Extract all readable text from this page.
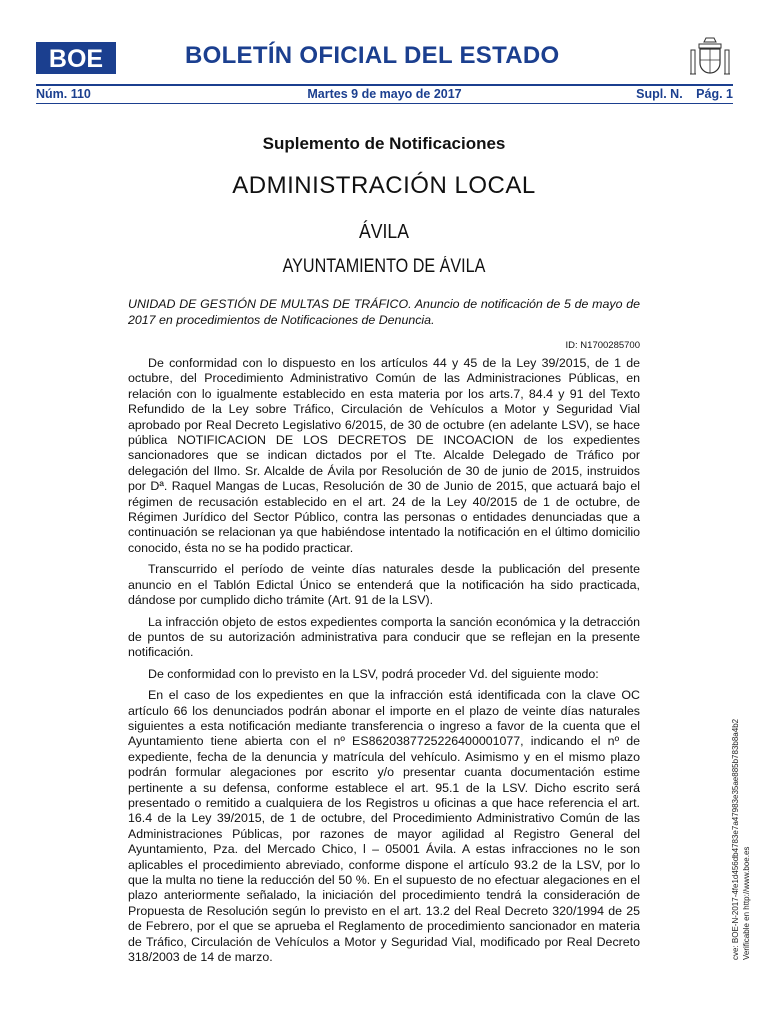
BOE	BOLETÍN OFICIAL DEL ESTADO
Núm. 110	Martes 9 de mayo de 2017	Supl. N. Pág. 1
Suplemento de Notificaciones
ADMINISTRACIÓN LOCAL
ÁVILA
AYUNTAMIENTO DE ÁVILA
UNIDAD DE GESTIÓN DE MULTAS DE TRÁFICO. Anuncio de notificación de 5 de mayo de 2017 en procedimientos de Notificaciones de Denuncia.
ID: N1700285700

De conformidad con lo dispuesto en los artículos 44 y 45 de la Ley 39/2015, de 1 de octubre, del Procedimiento Administrativo Común de las Administraciones Públicas, en relación con lo igualmente establecido en esta materia por los arts.7, 84.4 y 91 del Texto Refundido de la Ley sobre Tráfico, Circulación de Vehículos a Motor y Seguridad Vial aprobado por Real Decreto Legislativo 6/2015, de 30 de octubre (en adelante LSV), se hace pública NOTIFICACION DE LOS DECRETOS DE INCOACION de los expedientes sancionadores que se indican dictados por el Tte. Alcalde Delegado de Tráfico por delegación del Ilmo. Sr. Alcalde de Ávila por Resolución de 30 de junio de 2015, instruidos por Dª. Raquel Mangas de Lucas, Resolución de 30 de Junio de 2015, que actuará bajo el régimen de recusación establecido en el art. 24 de la Ley 40/2015 de 1 de octubre, de Régimen Jurídico del Sector Público, contra las personas o entidades denunciadas que a continuación se relacionan ya que habiéndose intentado la notificación en el último domicilio conocido, ésta no se ha podido practicar.

Transcurrido el período de veinte días naturales desde la publicación del presente anuncio en el Tablón Edictal Único se entenderá que la notificación ha sido practicada, dándose por cumplido dicho trámite (Art. 91 de la LSV).

La infracción objeto de estos expedientes comporta la sanción económica y la detracción de puntos de su autorización administrativa para conducir que se reflejan en la presente notificación.

De conformidad con lo previsto en la LSV, podrá proceder Vd. del siguiente modo:

En el caso de los expedientes en que la infracción está identificada con la clave OC artículo 66 los denunciados podrán abonar el importe en el plazo de veinte días naturales siguientes a esta notificación mediante transferencia o ingreso a favor de la cuenta que el Ayuntamiento tiene abierta con el nº ES8620387725226400001077, indicando el nº de expediente, fecha de la denuncia y matrícula del vehículo. Asimismo y en el mismo plazo podrán formular alegaciones por escrito y/o presentar cuanta documentación estime pertinente a su defensa, conforme establece el art. 95.1 de la LSV. Dicho escrito será presentado o remitido a cualquiera de los Registros u oficinas a que hace referencia el art. 16.4 de la Ley 39/2015, de 1 de octubre, del Procedimiento Administrativo Común de las Administraciones Públicas, por razones de mayor agilidad al Registro General del Ayuntamiento, Pza. del Mercado Chico, l – 05001 Ávila. A estas infracciones no le son aplicables el procedimiento abreviado, conforme dispone el artículo 93.2 de la LSV, por lo que la multa no tiene la reducción del 50 %. En el supuesto de no efectuar alegaciones en el plazo anteriormente señalado, la iniciación del procedimiento tendrá la consideración de Propuesta de Resolución según lo previsto en el art. 13.2 del Real Decreto 320/1994 de 25 de Febrero, por el que se aprueba el Reglamento de procedimiento sancionador en materia de Tráfico, Circulación de Vehículos a Motor y Seguridad Vial, modificado por Real Decreto 318/2003 de 14 de marzo.	cve: BOE-N-2017-4fe1d456db4783e7a47983e35ae885b783b8a4b2 Verificable en http://www.boe.es
